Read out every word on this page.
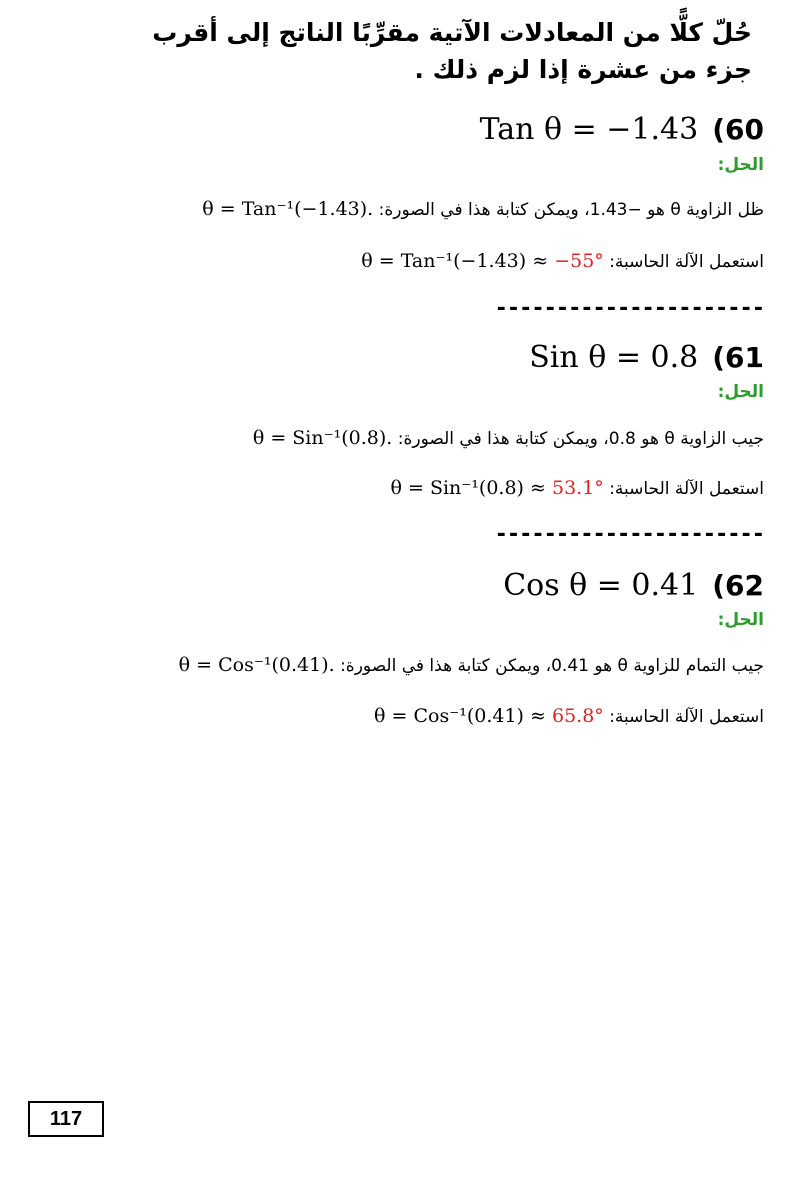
حُلّ كلًّا من المعادلات الآتية مقرِّبًا الناتج إلى أقرب جزء من عشرة إذا لزم ذلك .
Tan θ = −1.43 (60
الحل:
ظل الزاوية θ هو −1.43، ويمكن كتابة هذا في الصورة: θ = Tan⁻¹(−1.43).
استعمل الآلة الحاسبة: θ = Tan⁻¹(−1.43) ≈ −55°
----------------------
Sin θ = 0.8 (61
الحل:
جيب الزاوية θ هو 0.8، ويمكن كتابة هذا في الصورة: θ = Sin⁻¹(0.8).
استعمل الآلة الحاسبة: θ = Sin⁻¹(0.8) ≈ 53.1°
----------------------
Cos θ = 0.41 (62
الحل:
جيب التمام للزاوية θ هو 0.41، ويمكن كتابة هذا في الصورة: θ = Cos⁻¹(0.41).
استعمل الآلة الحاسبة: θ = Cos⁻¹(0.41) ≈ 65.8°
117
